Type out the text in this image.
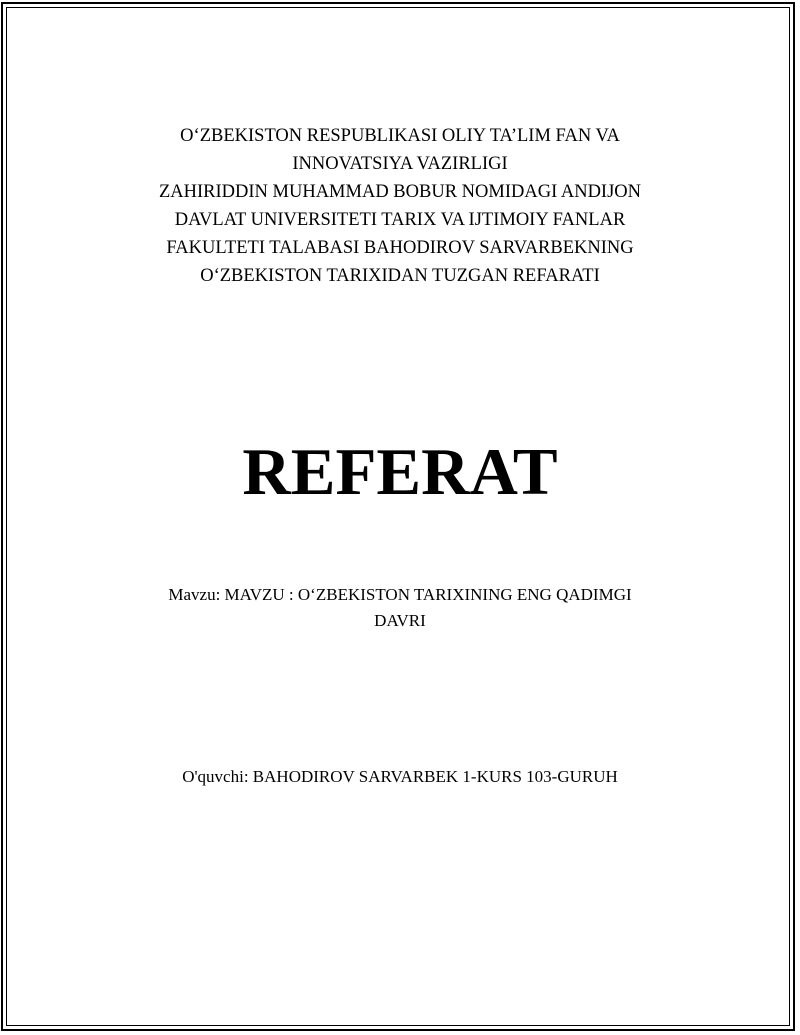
O‘ZBEKISTON RESPUBLIKASI OLIY TA’LIM FAN VA
INNOVATSIYA VAZIRLIGI
ZAHIRIDDIN MUHAMMAD BOBUR NOMIDAGI ANDIJON
DAVLAT UNIVERSITETI TARIX VA IJTIMOIY FANLAR
FAKULTETI TALABASI BAHODIROV SARVARBEKNING
O‘ZBEKISTON TARIXIDAN TUZGAN REFARATI
REFERAT
Mavzu: MAVZU : O‘ZBEKISTON TARIXINING ENG QADIMGI
DAVRI
O'quvchi: BAHODIROV SARVARBEK 1-KURS 103-GURUH
